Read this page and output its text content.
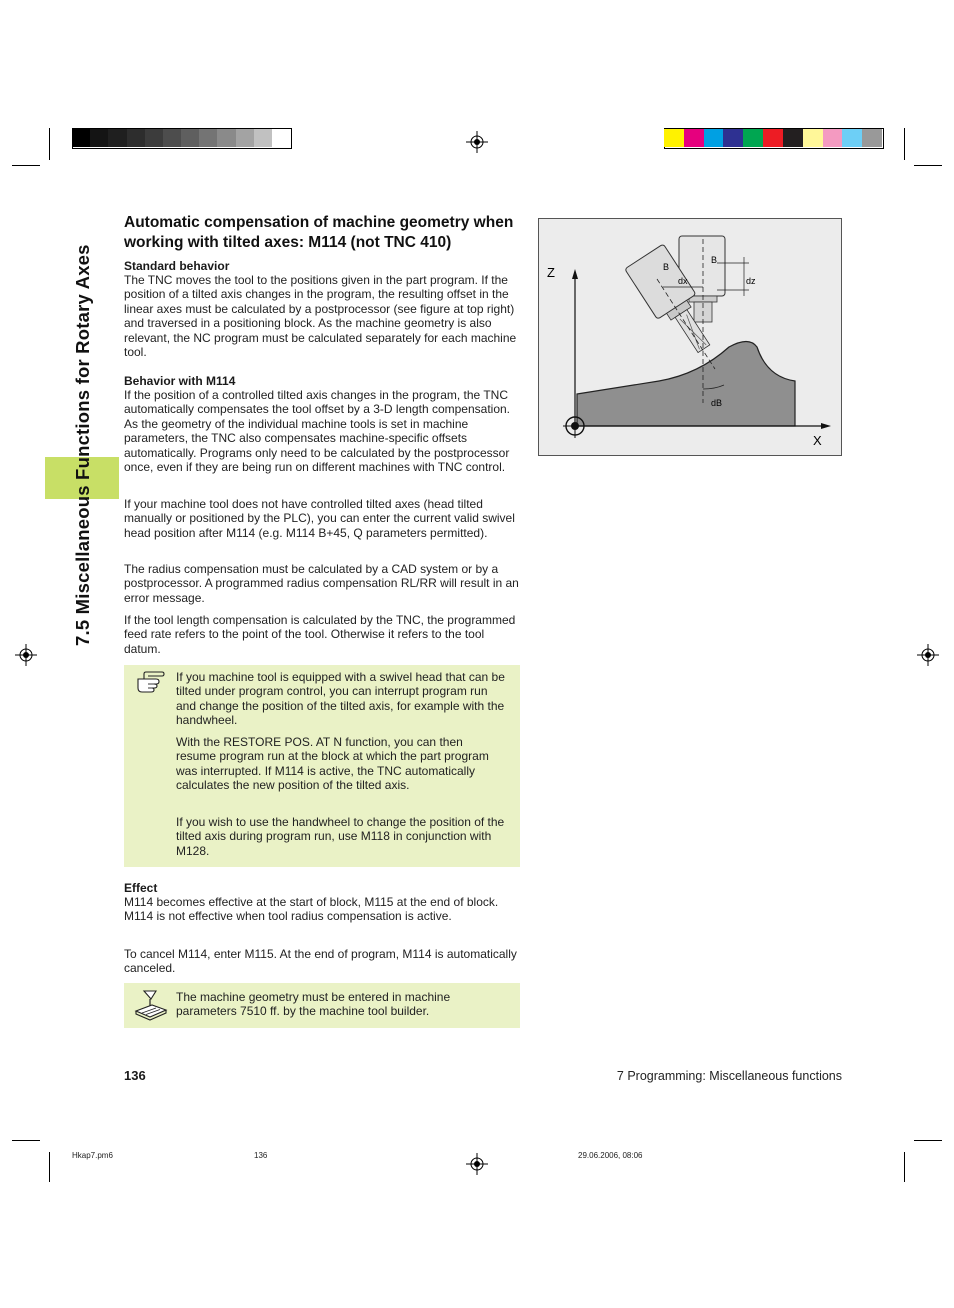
7.5 Miscellaneous Functions for Rotary Axes
Automatic compensation of machine geometry when working with tilted axes: M114 (not TNC 410)

Standard behavior

The TNC moves the tool to the positions given in the part program. If the position of a tilted axis changes in the program, the resulting offset in the linear axes must be calculated by a postprocessor (see figure at top right) and traversed in a positioning block. As the machine geometry is also relevant, the NC program must be calculated separately for each machine tool.

Behavior with M114

If the position of a controlled tilted axis changes in the program, the TNC automatically compensates the tool offset by a 3-D length compensation. As the geometry of the individual machine tools is set in machine parameters, the TNC also compensates machine-specific offsets automatically. Programs only need to be calculated by the postprocessor once, even if they are being run on different machines with TNC control.

If your machine tool does not have controlled tilted axes (head tilted manually or positioned by the PLC), you can enter the current valid swivel head position after M114 (e.g. M114 B+45, Q parameters permitted).

The radius compensation must be calculated by a CAD system or by a postprocessor. A programmed radius compensation RL/RR will result in an error message.

If the tool length compensation is calculated by the TNC, the programmed feed rate refers to the point of the tool. Otherwise it refers to the tool datum.

If you machine tool is equipped with a swivel head that can be tilted under program control, you can interrupt program run and change the position of the tilted axis, for example with the handwheel.
With the RESTORE POS. AT N function, you can then resume program run at the block at which the part program was interrupted. If M114 is active, the TNC automatically calculates the new position of the tilted axis.
If you wish to use the handwheel to change the position of the tilted axis during program run, use M118 in conjunction with M128.

Effect

M114 becomes effective at the start of block, M115 at the end of block. M114 is not effective when tool radius compensation is active.

To cancel M114, enter M115. At the end of program, M114 is automatically canceled.

The machine geometry must be entered in machine parameters 7510 ff. by the machine tool builder.
Z
X
B
B
dx	dz
dB
136	7 Programming: Miscellaneous functions
Hkap7.pm6	136	29.06.2006, 08:06
